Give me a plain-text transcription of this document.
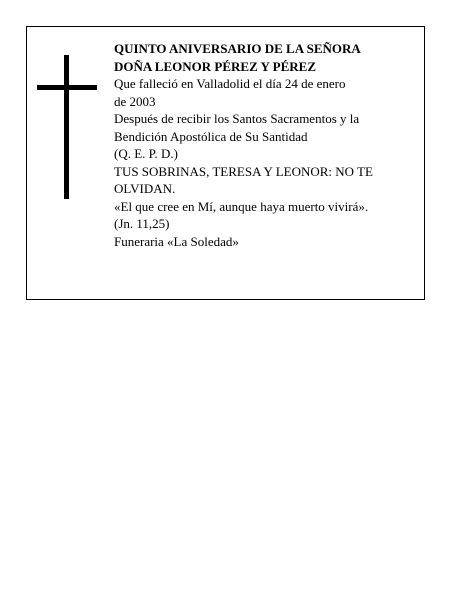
QUINTO ANIVERSARIO DE LA SEÑORA
DOÑA LEONOR PÉREZ Y PÉREZ
Que falleció en Valladolid el día 24 de enero
de 2003
Después de recibir los Santos Sacramentos y la
Bendición Apostólica de Su Santidad
(Q. E. P. D.)
TUS SOBRINAS, TERESA Y LEONOR: NO TE
OLVIDAN.
«El que cree en Mí, aunque haya muerto vivirá».
(Jn. 11,25)
Funeraria «La Soledad»
